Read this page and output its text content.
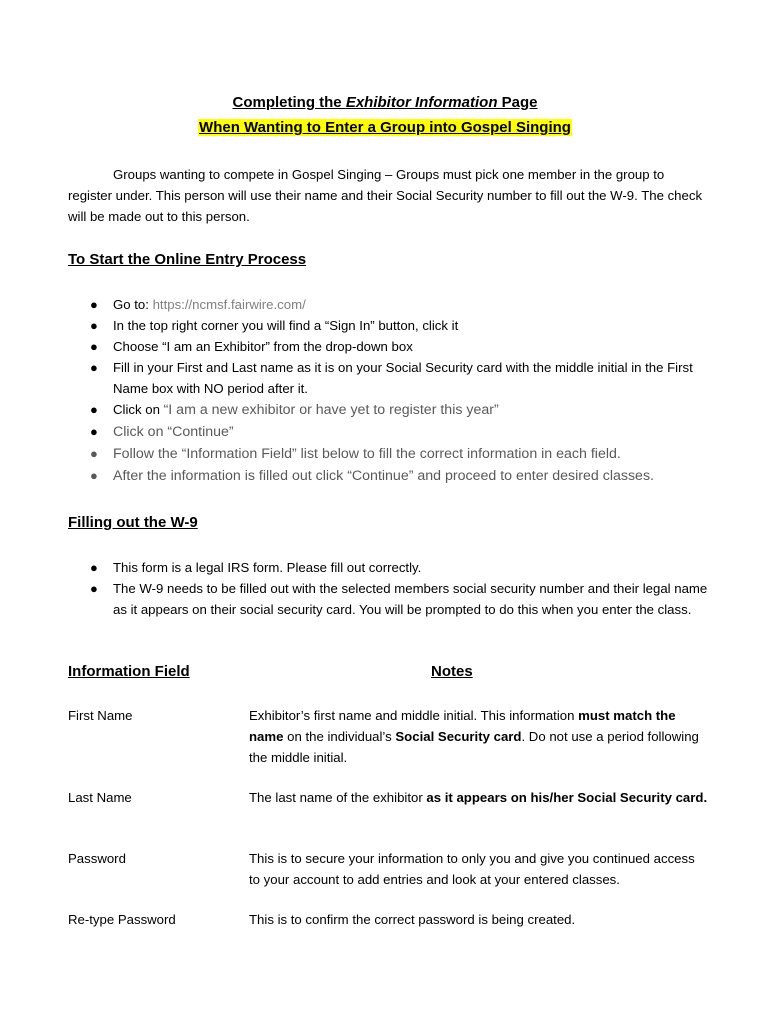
Completing the Exhibitor Information Page
When Wanting to Enter a Group into Gospel Singing
Groups wanting to compete in Gospel Singing – Groups must pick one member in the group to register under. This person will use their name and their Social Security number to fill out the W-9. The check will be made out to this person.
To Start the Online Entry Process
● Go to: https://ncmsf.fairwire.com/
● In the top right corner you will find a “Sign In” button, click it
● Choose “I am an Exhibitor” from the drop-down box
● Fill in your First and Last name as it is on your Social Security card with the middle initial in the First Name box with NO period after it.
● Click on “I am a new exhibitor or have yet to register this year”
● Click on “Continue”
● Follow the “Information Field” list below to fill the correct information in each field.
● After the information is filled out click “Continue” and proceed to enter desired classes.
Filling out the W-9
● This form is a legal IRS form. Please fill out correctly.
● The W-9 needs to be filled out with the selected members social security number and their legal name as it appears on their social security card. You will be prompted to do this when you enter the class.
Information Field	Notes
First Name	Exhibitor’s first name and middle initial. This information must match the name on the individual’s Social Security card. Do not use a period following the middle initial.
Last Name	The last name of the exhibitor as it appears on his/her Social Security card.
Password	This is to secure your information to only you and give you continued access to your account to add entries and look at your entered classes.
Re-type Password	This is to confirm the correct password is being created.
